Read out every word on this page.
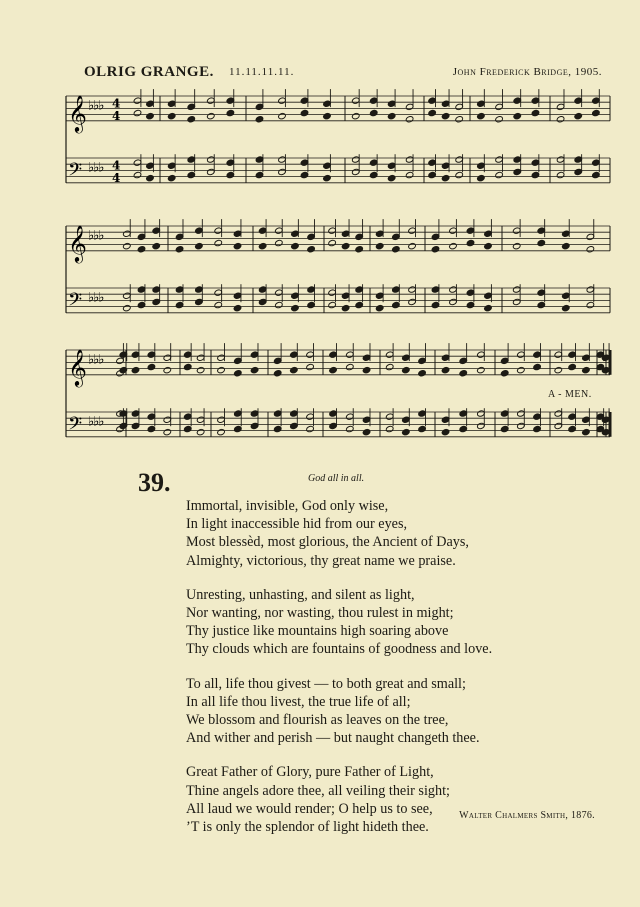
OLRIG GRANGE. 11.11.11.11.	John Frederick Bridge, 1905.
𝄞 ♭♭♭ 4
4
𝄢 ♭♭♭ 4
4
𝄞 ♭♭♭
𝄢 ♭♭♭
𝄞 ♭♭♭
𝄢 ♭♭♭
A - MEN.
39.	God all in all.
Immortal, invisible, God only wise,
In light inaccessible hid from our eyes,
Most blessèd, most glorious, the Ancient of Days,
Almighty, victorious, thy great name we praise.
Unresting, unhasting, and silent as light,
Nor wanting, nor wasting, thou rulest in might;
Thy justice like mountains high soaring above
Thy clouds which are fountains of goodness and love.
To all, life thou givest — to both great and small;
In all life thou livest, the true life of all;
We blossom and flourish as leaves on the tree,
And wither and perish — but naught changeth thee.
Great Father of Glory, pure Father of Light,
Thine angels adore thee, all veiling their sight;
All laud we would render; O help us to see,
’T is only the splendor of light hideth thee.
Walter Chalmers Smith, 1876.
